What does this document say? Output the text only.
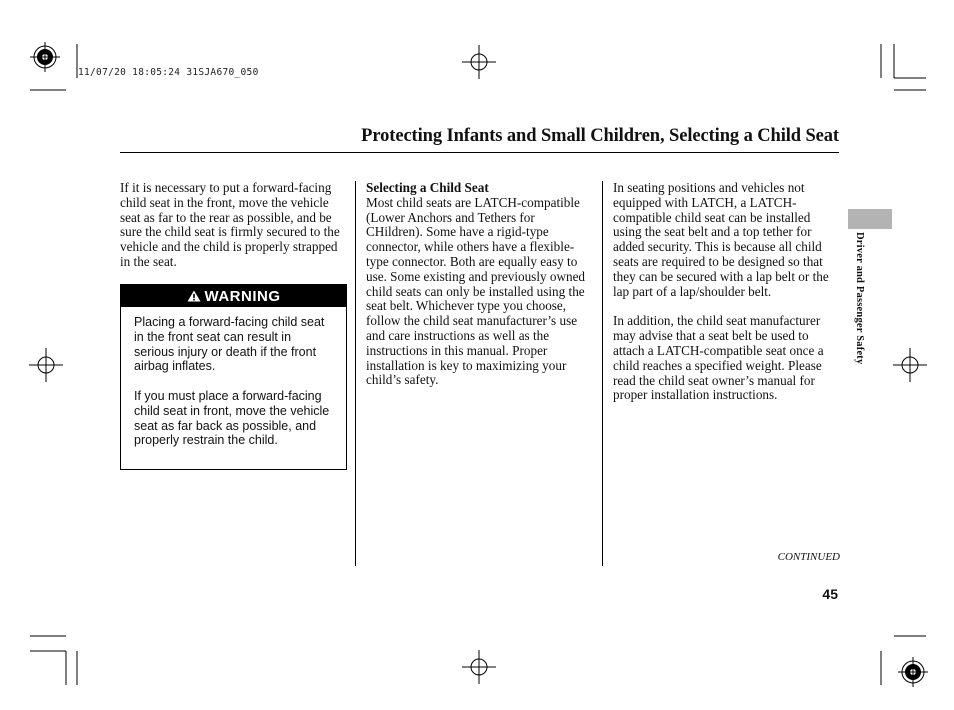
11/07/20 18:05:24 31SJA670_050
Protecting Infants and Small Children, Selecting a Child Seat

If it is necessary to put a forward-facing child seat in the front, move the vehicle seat as far to the rear as possible, and be sure the child seat is firmly secured to the vehicle and the child is properly strapped in the seat.

WARNING

Placing a forward-facing child seat in the front seat can result in serious injury or death if the front airbag inflates.

If you must place a forward-facing child seat in front, move the vehicle seat as far back as possible, and properly restrain the child.

Selecting a Child Seat

Most child seats are LATCH-compatible (Lower Anchors and Tethers for CHildren). Some have a rigid-type connector, while others have a flexible-type connector. Both are equally easy to use. Some existing and previously owned child seats can only be installed using the seat belt. Whichever type you choose, follow the child seat manufacturer’s use and care instructions as well as the instructions in this manual. Proper installation is key to maximizing your child’s safety.

In seating positions and vehicles not equipped with LATCH, a LATCH-compatible child seat can be installed using the seat belt and a top tether for added security. This is because all child seats are required to be designed so that they can be secured with a lap belt or the lap part of a lap/shoulder belt.

In addition, the child seat manufacturer may advise that a seat belt be used to attach a LATCH-compatible seat once a child reaches a specified weight. Please read the child seat owner’s manual for proper installation instructions.

Driver and Passenger Safety
CONTINUED
45
